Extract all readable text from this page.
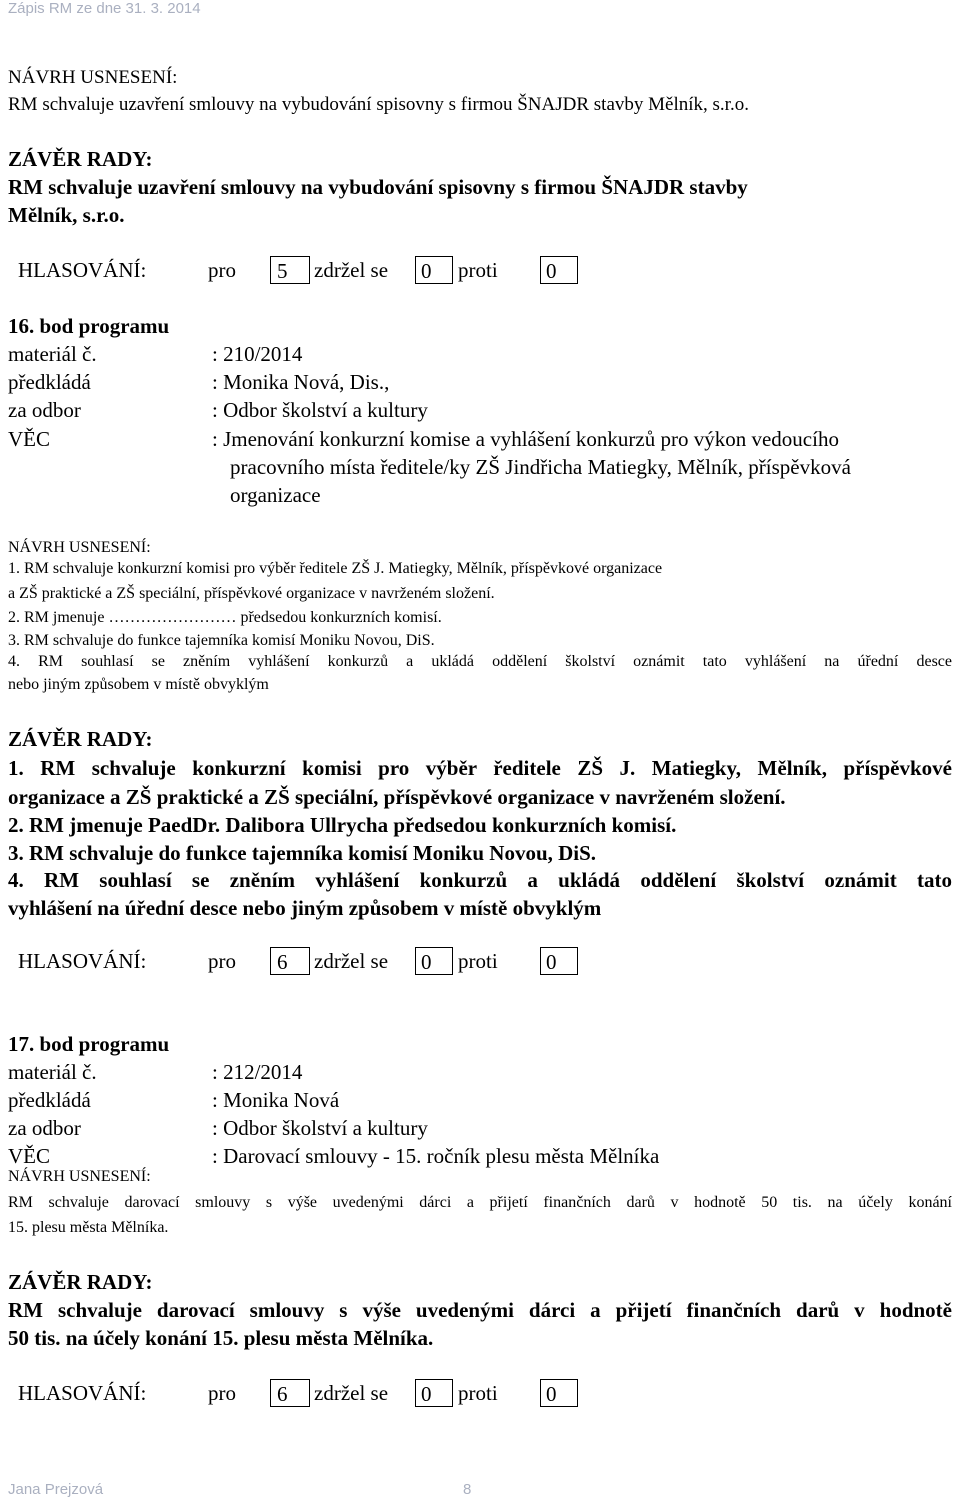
Zápis RM ze dne 31. 3. 2014
NÁVRH USNESENÍ:
RM schvaluje uzavření smlouvy na vybudování spisovny s firmou ŠNAJDR stavby Mělník, s.r.o.
ZÁVĚR RADY:
RM schvaluje uzavření smlouvy na vybudování spisovny s firmou ŠNAJDR stavby
Mělník, s.r.o.
HLASOVÁNÍ:	pro 5 zdržel se 0 proti 0
16. bod programu
materiál č.	: 210/2014
předkládá	: Monika Nová, Dis.,
za odbor	: Odbor školství a kultury
VĚC	: Jmenování konkurzní komise a vyhlášení konkurzů pro výkon vedoucího
pracovního místa ředitele/ky ZŠ Jindřicha Matiegky, Mělník, příspěvková
organizace
NÁVRH USNESENÍ:
1. RM schvaluje konkurzní komisi pro výběr ředitele ZŠ J. Matiegky, Mělník, příspěvkové organizace
a ZŠ praktické a ZŠ speciální, příspěvkové organizace v navrženém složení.
2. RM jmenuje …………………… předsedou konkurzních komisí.
3. RM schvaluje do funkce tajemníka komisí Moniku Novou, DiS.
4. RM souhlasí se zněním vyhlášení konkurzů a ukládá oddělení školství oznámit tato vyhlášení na úřední desce
nebo jiným způsobem v místě obvyklým
ZÁVĚR RADY:
1. RM schvaluje konkurzní komisi pro výběr ředitele ZŠ J. Matiegky, Mělník, příspěvkové
organizace a ZŠ praktické a ZŠ speciální, příspěvkové organizace v navrženém složení.
2. RM jmenuje PaedDr. Dalibora Ullrycha předsedou konkurzních komisí.
3. RM schvaluje do funkce tajemníka komisí Moniku Novou, DiS.
4. RM souhlasí se zněním vyhlášení konkurzů a ukládá oddělení školství oznámit tato
vyhlášení na úřední desce nebo jiným způsobem v místě obvyklým
HLASOVÁNÍ:	pro 6 zdržel se 0 proti 0
17. bod programu
materiál č.	: 212/2014
předkládá	: Monika Nová
za odbor	: Odbor školství a kultury
VĚC	: Darovací smlouvy - 15. ročník plesu města Mělníka
NÁVRH USNESENÍ:
RM schvaluje darovací smlouvy s výše uvedenými dárci a přijetí finančních darů v hodnotě 50 tis. na účely konání
15. plesu města Mělníka.
ZÁVĚR RADY:
RM schvaluje darovací smlouvy s výše uvedenými dárci a přijetí finančních darů v hodnotě
50 tis. na účely konání 15. plesu města Mělníka.
HLASOVÁNÍ:	pro 6 zdržel se 0 proti 0
Jana Prejzová	8
